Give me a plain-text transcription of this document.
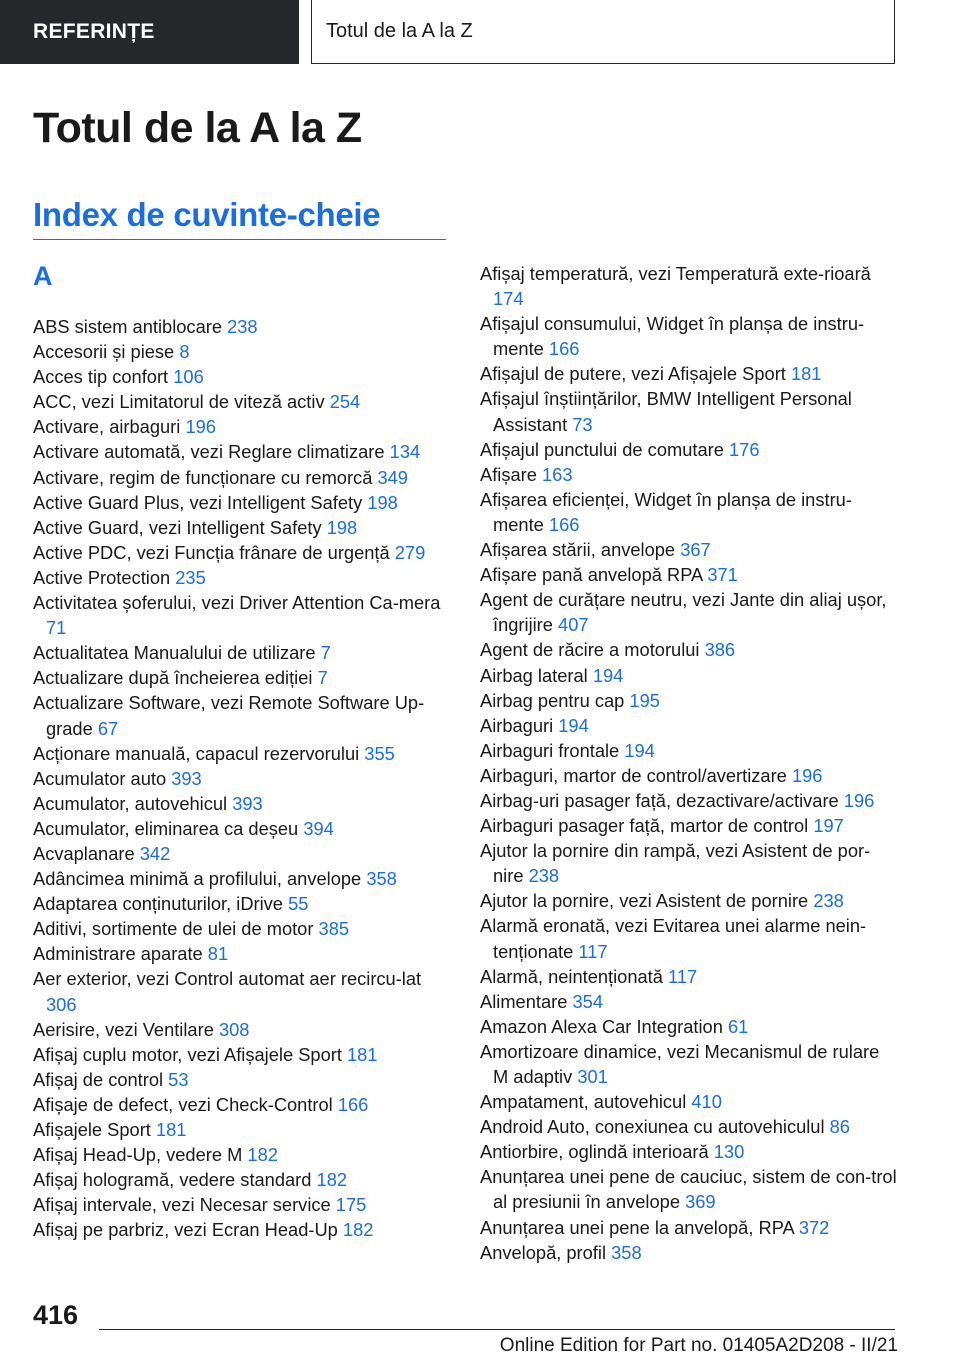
REFERINȚE	Totul de la A la Z
Totul de la A la Z
Index de cuvinte-cheie
A
ABS sistem antiblocare 238
Accesorii și piese 8
Acces tip confort 106
ACC, vezi Limitatorul de viteză activ 254
Activare, airbaguri 196
Activare automată, vezi Reglare climatizare 134
Activare, regim de funcționare cu remorcă 349
Active Guard Plus, vezi Intelligent Safety 198
Active Guard, vezi Intelligent Safety 198
Active PDC, vezi Funcția frânare de urgență 279
Active Protection 235
Activitatea șoferului, vezi Driver Attention Ca‐mera 71
Actualitatea Manualului de utilizare 7
Actualizare după încheierea ediției 7
Actualizare Software, vezi Remote Software Up‐grade 67
Acționare manuală, capacul rezervorului 355
Acumulator auto 393
Acumulator, autovehicul 393
Acumulator, eliminarea ca deșeu 394
Acvaplanare 342
Adâncimea minimă a profilului, anvelope 358
Adaptarea conținuturilor, iDrive 55
Aditivi, sortimente de ulei de motor 385
Administrare aparate 81
Aer exterior, vezi Control automat aer recircu‐lat 306
Aerisire, vezi Ventilare 308
Afișaj cuplu motor, vezi Afișajele Sport 181
Afișaj de control 53
Afișaje de defect, vezi Check-Control 166
Afișajele Sport 181
Afișaj Head-Up, vedere M 182
Afișaj hologramă, vedere standard 182
Afișaj intervale, vezi Necesar service 175
Afișaj pe parbriz, vezi Ecran Head-Up 182
Afișaj temperatură, vezi Temperatură exte‐rioară 174
Afișajul consumului, Widget în planșa de instru‐mente 166
Afișajul de putere, vezi Afișajele Sport 181
Afișajul înștiințărilor, BMW Intelligent Personal Assistant 73
Afișajul punctului de comutare 176
Afișare 163
Afișarea eficienței, Widget în planșa de instru‐mente 166
Afișarea stării, anvelope 367
Afișare pană anvelopă RPA 371
Agent de curățare neutru, vezi Jante din aliaj ușor, îngrijire 407
Agent de răcire a motorului 386
Airbag lateral 194
Airbag pentru cap 195
Airbaguri 194
Airbaguri frontale 194
Airbaguri, martor de control/avertizare 196
Airbag-uri pasager față, dezactivare/activare 196
Airbaguri pasager față, martor de control 197
Ajutor la pornire din rampă, vezi Asistent de por‐nire 238
Ajutor la pornire, vezi Asistent de pornire 238
Alarmă eronată, vezi Evitarea unei alarme nein‐tenționate 117
Alarmă, neintenționată 117
Alimentare 354
Amazon Alexa Car Integration 61
Amortizoare dinamice, vezi Mecanismul de rulare M adaptiv 301
Ampatament, autovehicul 410
Android Auto, conexiunea cu autovehiculul 86
Antiorbire, oglindă interioară 130
Anunțarea unei pene de cauciuc, sistem de con‐trol al presiunii în anvelope 369
Anunțarea unei pene la anvelopă, RPA 372
Anvelopă, profil 358
416
Online Edition for Part no. 01405A2D208 - II/21
